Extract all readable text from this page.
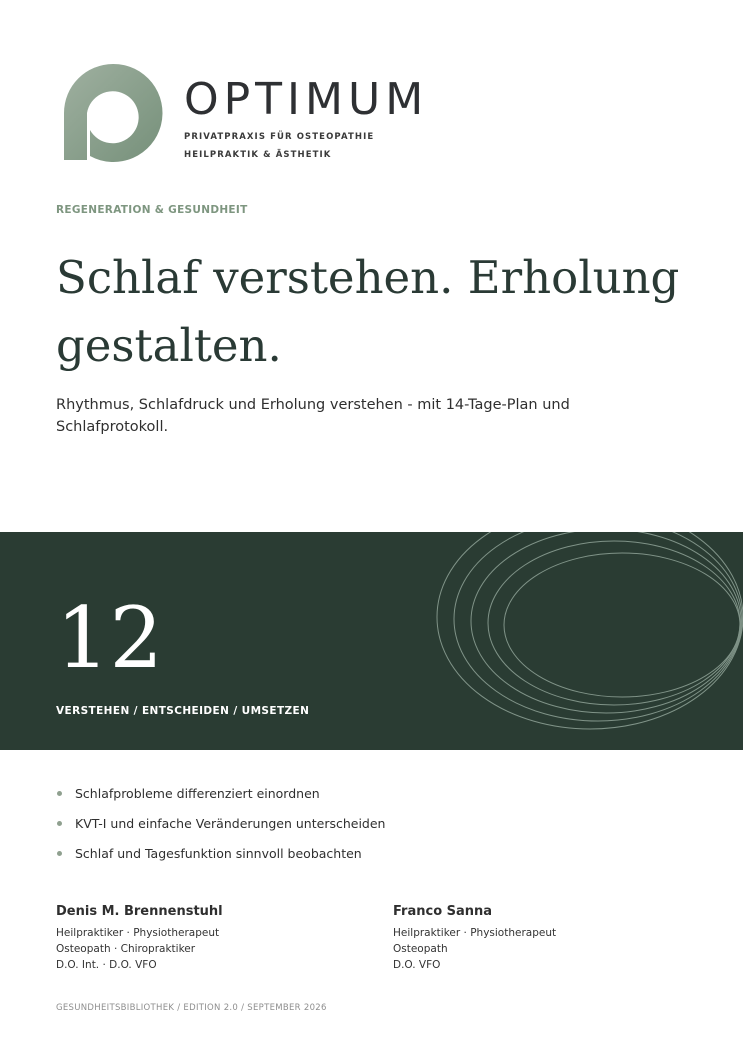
OPTIMUM
PRIVATPRAXIS FÜR OSTEOPATHIE
HEILPRAKTIK & ÄSTHETIK
REGENERATION & GESUNDHEIT
Schlaf verstehen. Erholung gestalten.

Rhythmus, Schlafdruck und Erholung verstehen - mit 14-Tage-Plan und Schlafprotokoll.

12
VERSTEHEN / ENTSCHEIDEN / UMSETZEN
Schlafprobleme differenziert einordnen
KVT-I und einfache Veränderungen unterscheiden
Schlaf und Tagesfunktion sinnvoll beobachten
Denis M. Brennenstuhl
Heilpraktiker · Physiotherapeut
Osteopath · Chiropraktiker
D.O. Int. · D.O. VFO
Franco Sanna
Heilpraktiker · Physiotherapeut
Osteopath
D.O. VFO
GESUNDHEITSBIBLIOTHEK / EDITION 2.0 / SEPTEMBER 2026
